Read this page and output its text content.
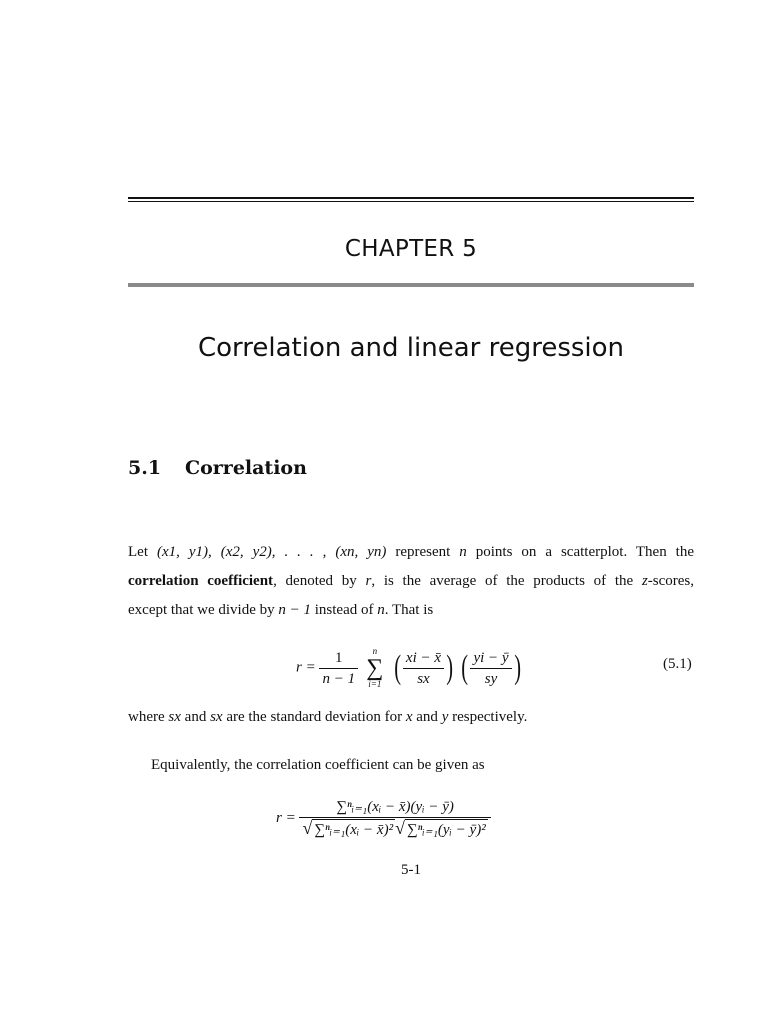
CHAPTER 5
Correlation and linear regression
5.1 Correlation
Let (x1, y1), (x2, y2), . . . , (xn, yn) represent n points on a scatterplot. Then the
correlation coefficient, denoted by r, is the average of the products of the z-scores,
except that we divide by n − 1 instead of n. That is
$r = \frac{1}{n - 1}$
	n
∑
i=1 ( $\frac{xi - x̄}{sx}$ ) ( $\frac{yi - ȳ}{sy}$ )	(5.1)
where sx and sx are the standard deviation for x and y respectively.
Equivalently, the correlation coefficient can be given as
$r = \frac{\text{∑ⁿᵢ₌₁(xᵢ − x̄)(yᵢ − ȳ)}}{\text{√ ∑ⁿᵢ₌₁(xᵢ − x̄)² √ ∑ⁿᵢ₌₁(yᵢ − ȳ)²}}$
5-1
